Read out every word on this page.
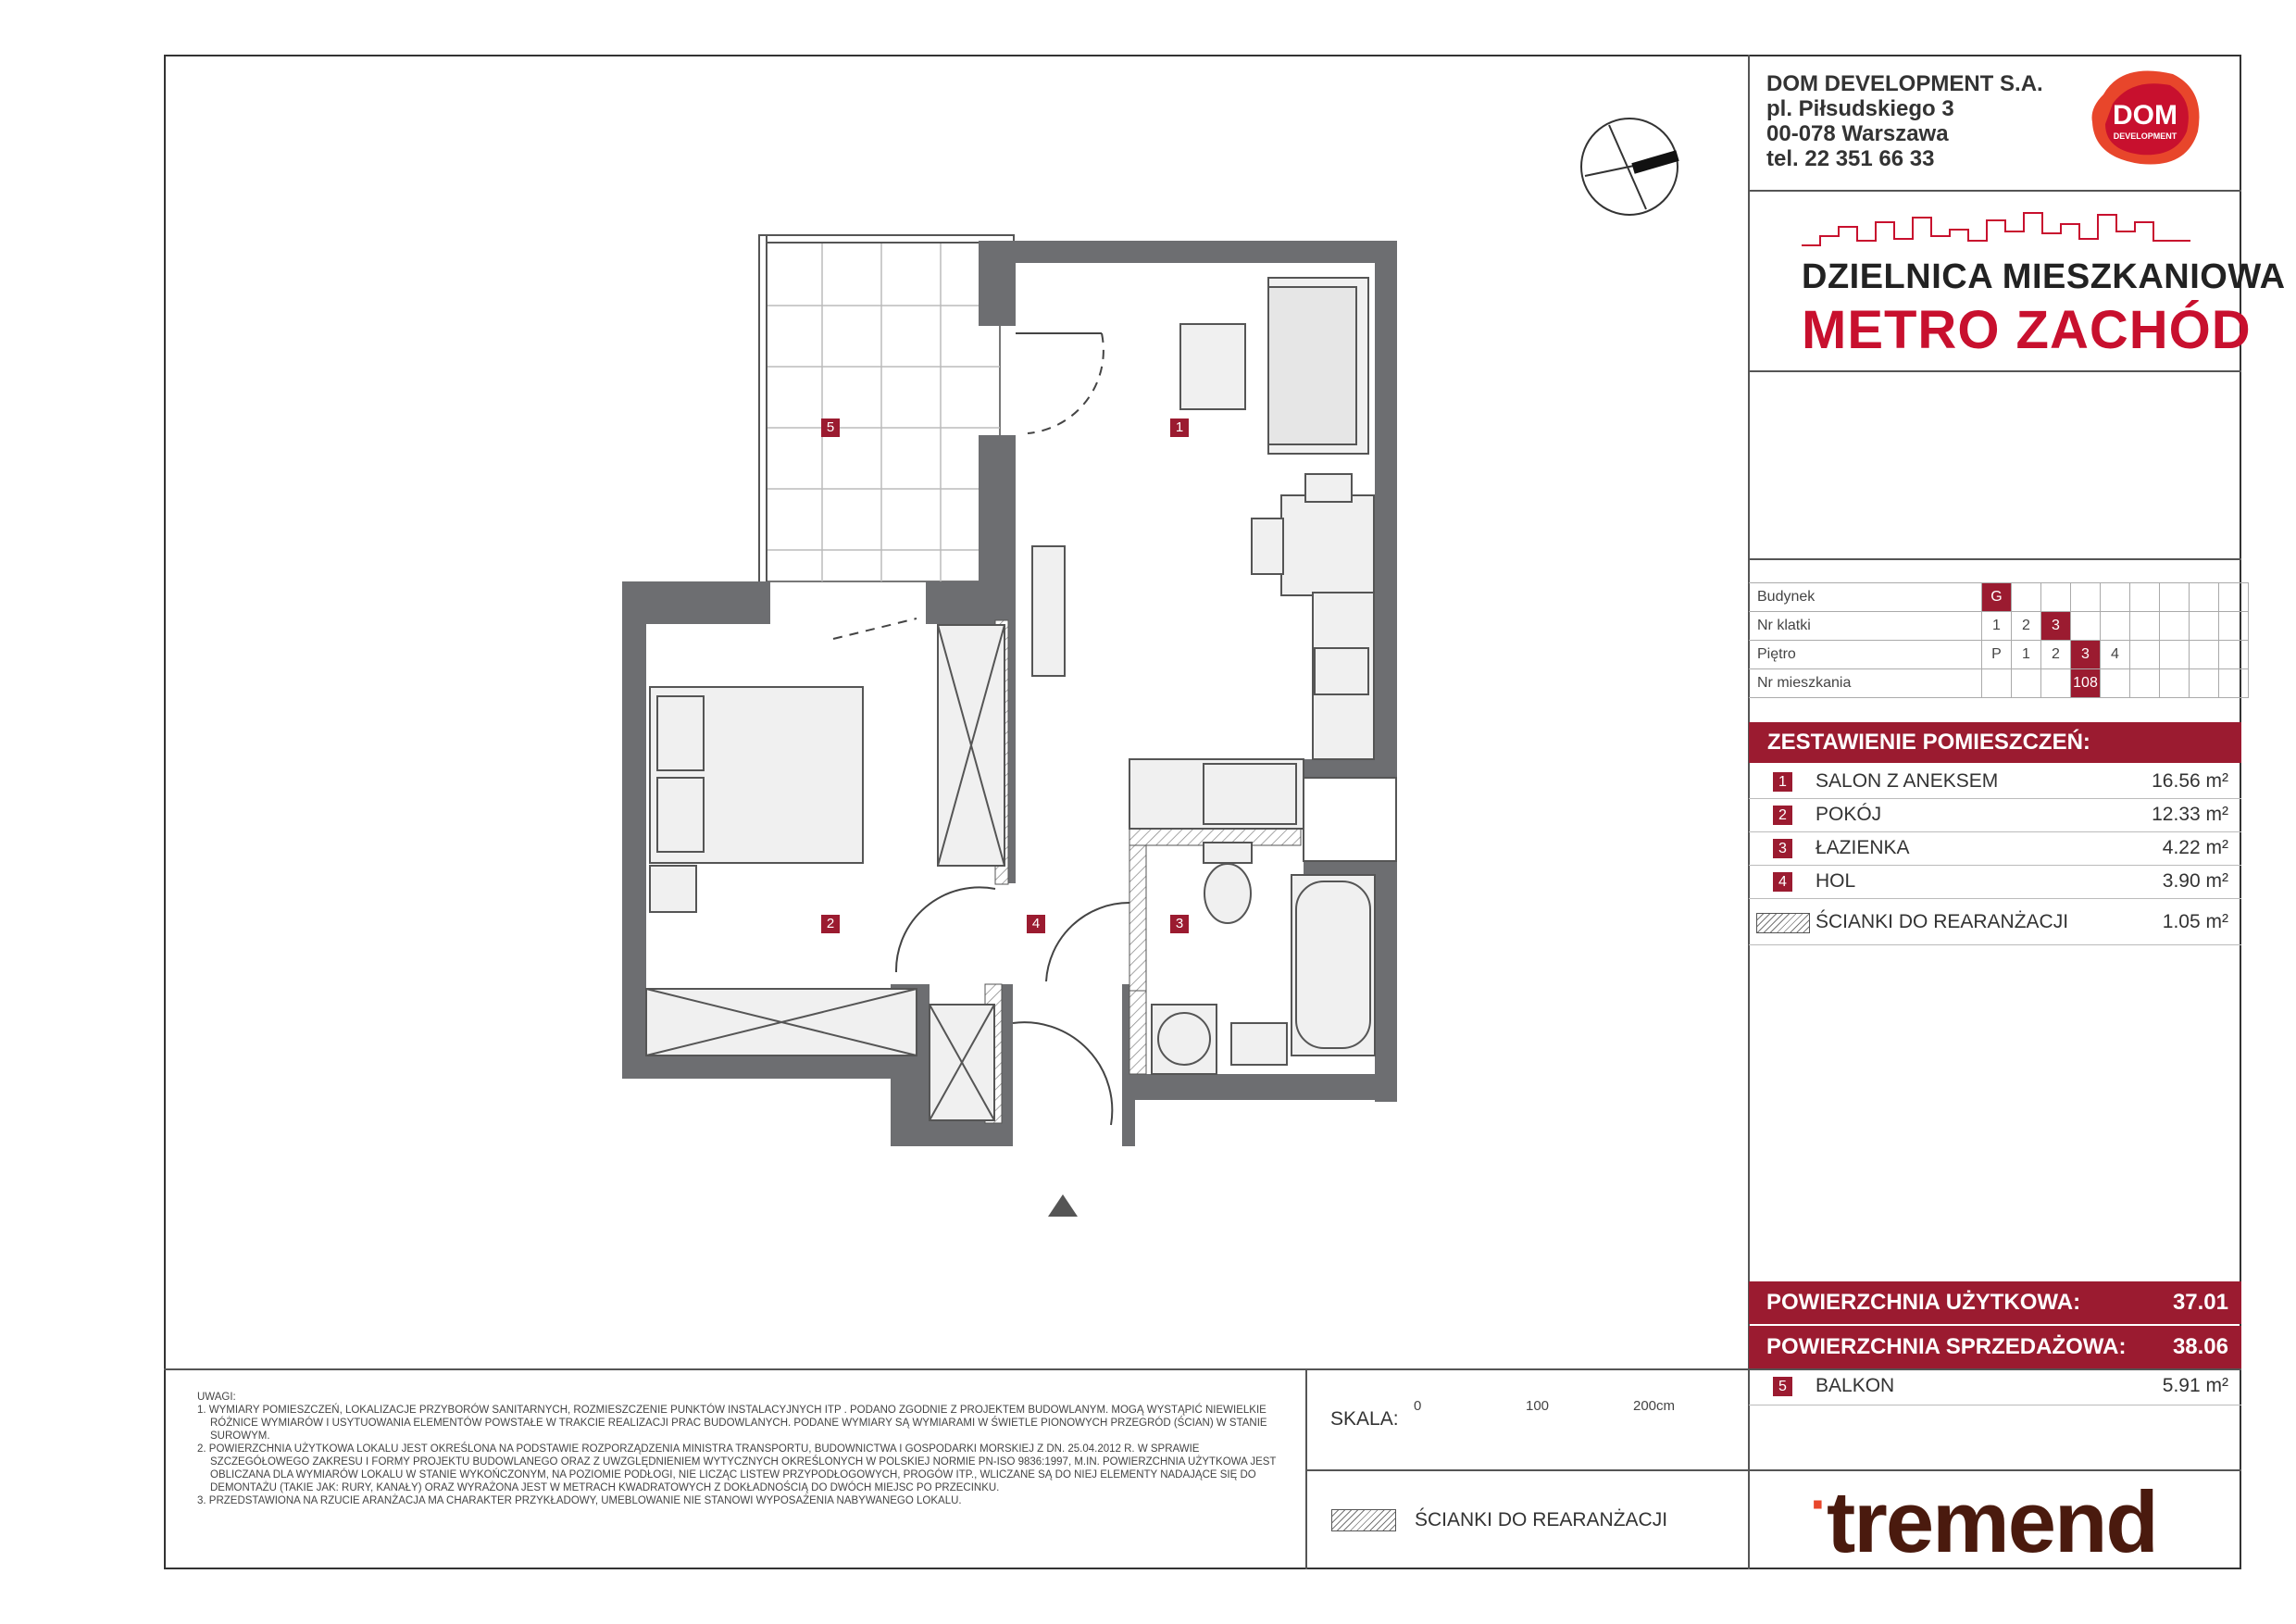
1
2	3
4
5
DOM DEVELOPMENT S.A.
pl. Piłsudskiego 3
00-078 Warszawa
tel. 22 351 66 33
DOM
DEVELOPMENT
DZIELNICA MIESZKANIOWA
METRO ZACHÓD
Budynek	G								
Nr klatki	1	2	3						
Piętro	P	1	2	3	4				
Nr mieszkania				108					
ZESTAWIENIE POMIESZCZEŃ:
1 SALON Z ANEKSEM	16.56 m²
2 POKÓJ	12.33 m²
3 ŁAZIENKA	4.22 m²
4 HOL	3.90 m²
ŚCIANKI DO REARANŻACJI	1.05 m²
POWIERZCHNIA UŻYTKOWA:	37.01
POWIERZCHNIA SPRZEDAŻOWA: 38.06
5 BALKON	5.91 m²

UWAGI:

1. WYMIARY POMIESZCZEŃ, LOKALIZACJE PRZYBORÓW SANITARNYCH, ROZMIESZCZENIE PUNKTÓW INSTALACYJNYCH ITP . PODANO ZGODNIE Z PROJEKTEM BUDOWLANYM. MOGĄ WYSTĄPIĆ NIEWIELKIE RÓŻNICE WYMIARÓW I USYTUOWANIA ELEMENTÓW POWSTAŁE W TRAKCIE REALIZACJI PRAC BUDOWLANYCH. PODANE WYMIARY SĄ WYMIARAMI W ŚWIETLE PIONOWYCH PRZEGRÓD (ŚCIAN) W STANIE SUROWYM.

2. POWIERZCHNIA UŻYTKOWA LOKALU JEST OKREŚLONA NA PODSTAWIE ROZPORZĄDZENIA MINISTRA TRANSPORTU, BUDOWNICTWA I GOSPODARKI MORSKIEJ Z DN. 25.04.2012 R. W SPRAWIE SZCZEGÓŁOWEGO ZAKRESU I FORMY PROJEKTU BUDOWLANEGO ORAZ Z UWZGLĘDNIENIEM WYTYCZNYCH OKREŚLONYCH W POLSKIEJ NORMIE PN-ISO 9836:1997, M.IN. POWIERZCHNIA UŻYTKOWA JEST OBLICZANA DLA WYMIARÓW LOKALU W STANIE WYKOŃCZONYM, NA POZIOMIE PODŁOGI, NIE LICZĄC LISTEW PRZYPODŁOGOWYCH, PROGÓW ITP., WLICZANE SĄ DO NIEJ ELEMENTY NADAJĄCE SIĘ DO DEMONTAŻU (TAKIE JAK: RURY, KANAŁY) ORAZ WYRAŻONA JEST W METRACH KWADRATOWYCH Z DOKŁADNOŚCIĄ DO DWÓCH MIEJSC PO PRZECINKU.

3. PRZEDSTAWIONA NA RZUCIE ARANŻACJA MA CHARAKTER PRZYKŁADOWY, UMEBLOWANIE NIE STANOWI WYPOSAŻENIA NABYWANEGO LOKALU.

SKALA:
0	100	200cm
ŚCIANKI DO REARANŻACJI	·tremend
